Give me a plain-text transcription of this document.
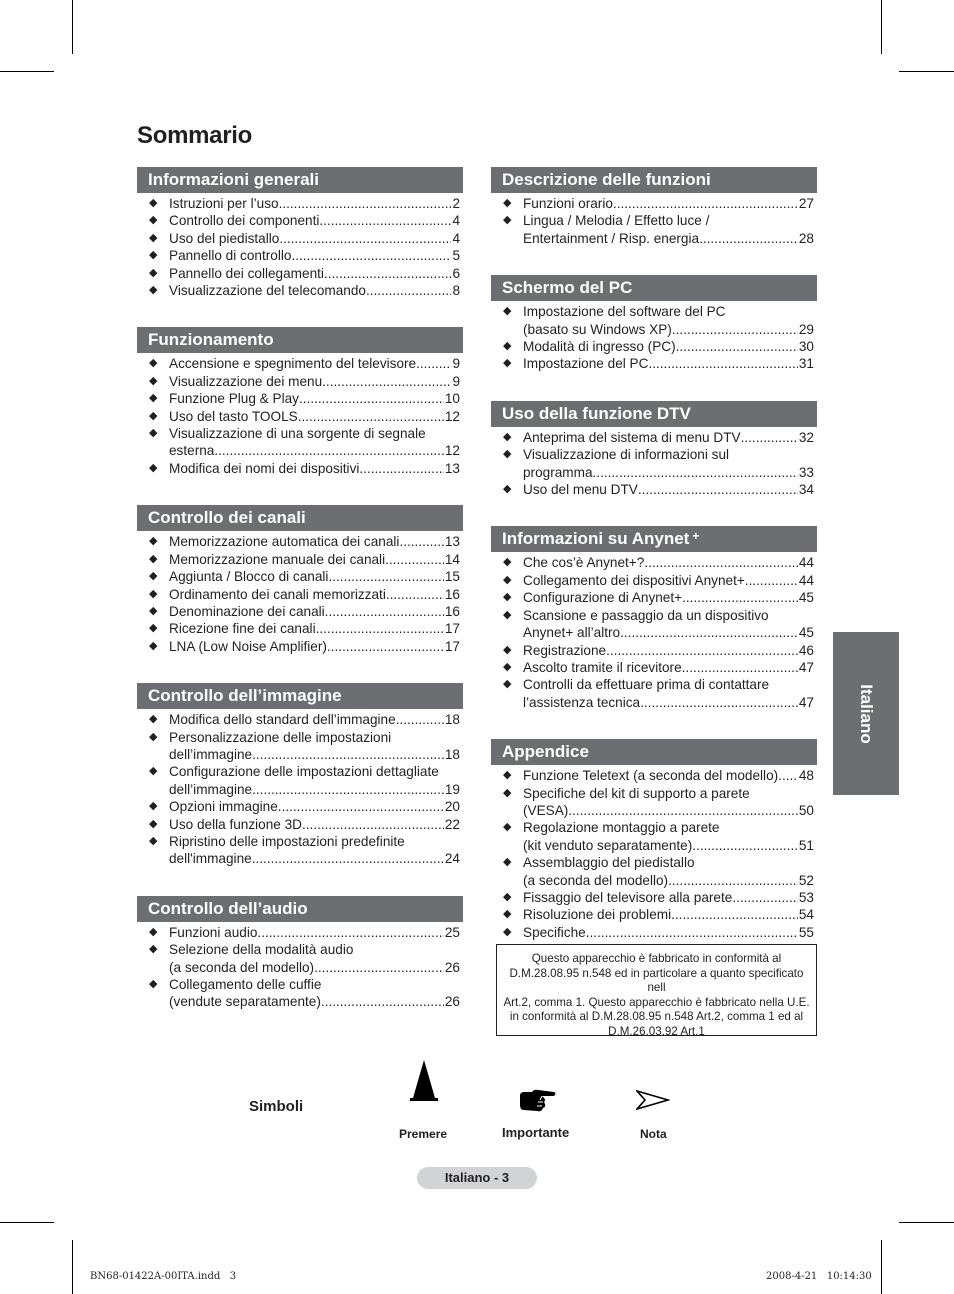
Sommario
Informazioni generali
◆ Istruzioni per l’uso .....	2
◆ Controllo dei componenti .....	4
◆ Uso del piedistallo .....	4
◆ Pannello di controllo .....	5
◆ Pannello dei collegamenti .....	6
◆ Visualizzazione del telecomando .....	8
Funzionamento
◆ Accensione e spegnimento del televisore .....	9
◆ Visualizzazione dei menu .....	9
◆ Funzione Plug & Play .....	10
◆ Uso del tasto TOOLS .....	12
◆ Visualizzazione di una sorgente di segnale
esterna .....	12
◆ Modifica dei nomi dei dispositivi .....	13
Controllo dei canali
◆ Memorizzazione automatica dei canali .....	13
◆ Memorizzazione manuale dei canali .....	14
◆ Aggiunta / Blocco di canali .....	15
◆ Ordinamento dei canali memorizzati .....	16
◆ Denominazione dei canali .....	16
◆ Ricezione fine dei canali .....	17
◆ LNA (Low Noise Amplifier) .....	17
Controllo dell’immagine
◆ Modifica dello standard dell’immagine .....	18
◆ Personalizzazione delle impostazioni
dell’immagine .....	18
◆ Configurazione delle impostazioni dettagliate
dell’immagine .....	19
◆ Opzioni immagine .....	20
◆ Uso della funzione 3D .....	22
◆ Ripristino delle impostazioni predefinite
dell'immagine .....	24
Controllo dell’audio
◆ Funzioni audio .....	25
◆ Selezione della modalità audio
(a seconda del modello) .....	26
◆ Collegamento delle cuffie
(vendute separatamente) .....	26
Descrizione delle funzioni
◆ Funzioni orario .....	27
◆ Lingua / Melodia / Effetto luce /
Entertainment / Risp. energia .....	28
Schermo del PC
◆ Impostazione del software del PC
(basato su Windows XP) .....	29
◆ Modalità di ingresso (PC) .....	30
◆ Impostazione del PC .....	31
Uso della funzione DTV
◆ Anteprima del sistema di menu DTV .....	32
◆ Visualizzazione di informazioni sul
programma .....	33
◆ Uso del menu DTV .....	34
Informazioni su Anynet +
◆ Che cos’è Anynet+? .....	44
◆ Collegamento dei dispositivi Anynet+ .....	44
◆ Configurazione di Anynet+ .....	45
◆ Scansione e passaggio da un dispositivo
Anynet+ all’altro .....	45
◆ Registrazione .....	46
◆ Ascolto tramite il ricevitore .....	47
◆ Controlli da effettuare prima di contattare
l’assistenza tecnica .....	47
Appendice
◆ Funzione Teletext (a seconda del modello) ..... 48
◆ Specifiche del kit di supporto a parete
(VESA) .....	50
◆ Regolazione montaggio a parete
(kit venduto separatamente) .....	51
◆ Assemblaggio del piedistallo
(a seconda del modello) .....	52
◆ Fissaggio del televisore alla parete .....	53
◆ Risoluzione dei problemi .....	54
◆ Specifiche .....	55
Questo apparecchio è fabbricato in conformità al
D.M.28.08.95 n.548 ed in particolare a quanto specificato nell
Art.2, comma 1. Questo apparecchio è fabbricato nella U.E.
in conformità al D.M.28.08.95 n.548 Art.2, comma 1 ed al
D.M.26.03.92 Art.1
Italiano
Simboli
Premere	Importante	Nota
Italiano - 3
BN68-01422A-00ITA.indd   3	2008-4-21   10:14:30
